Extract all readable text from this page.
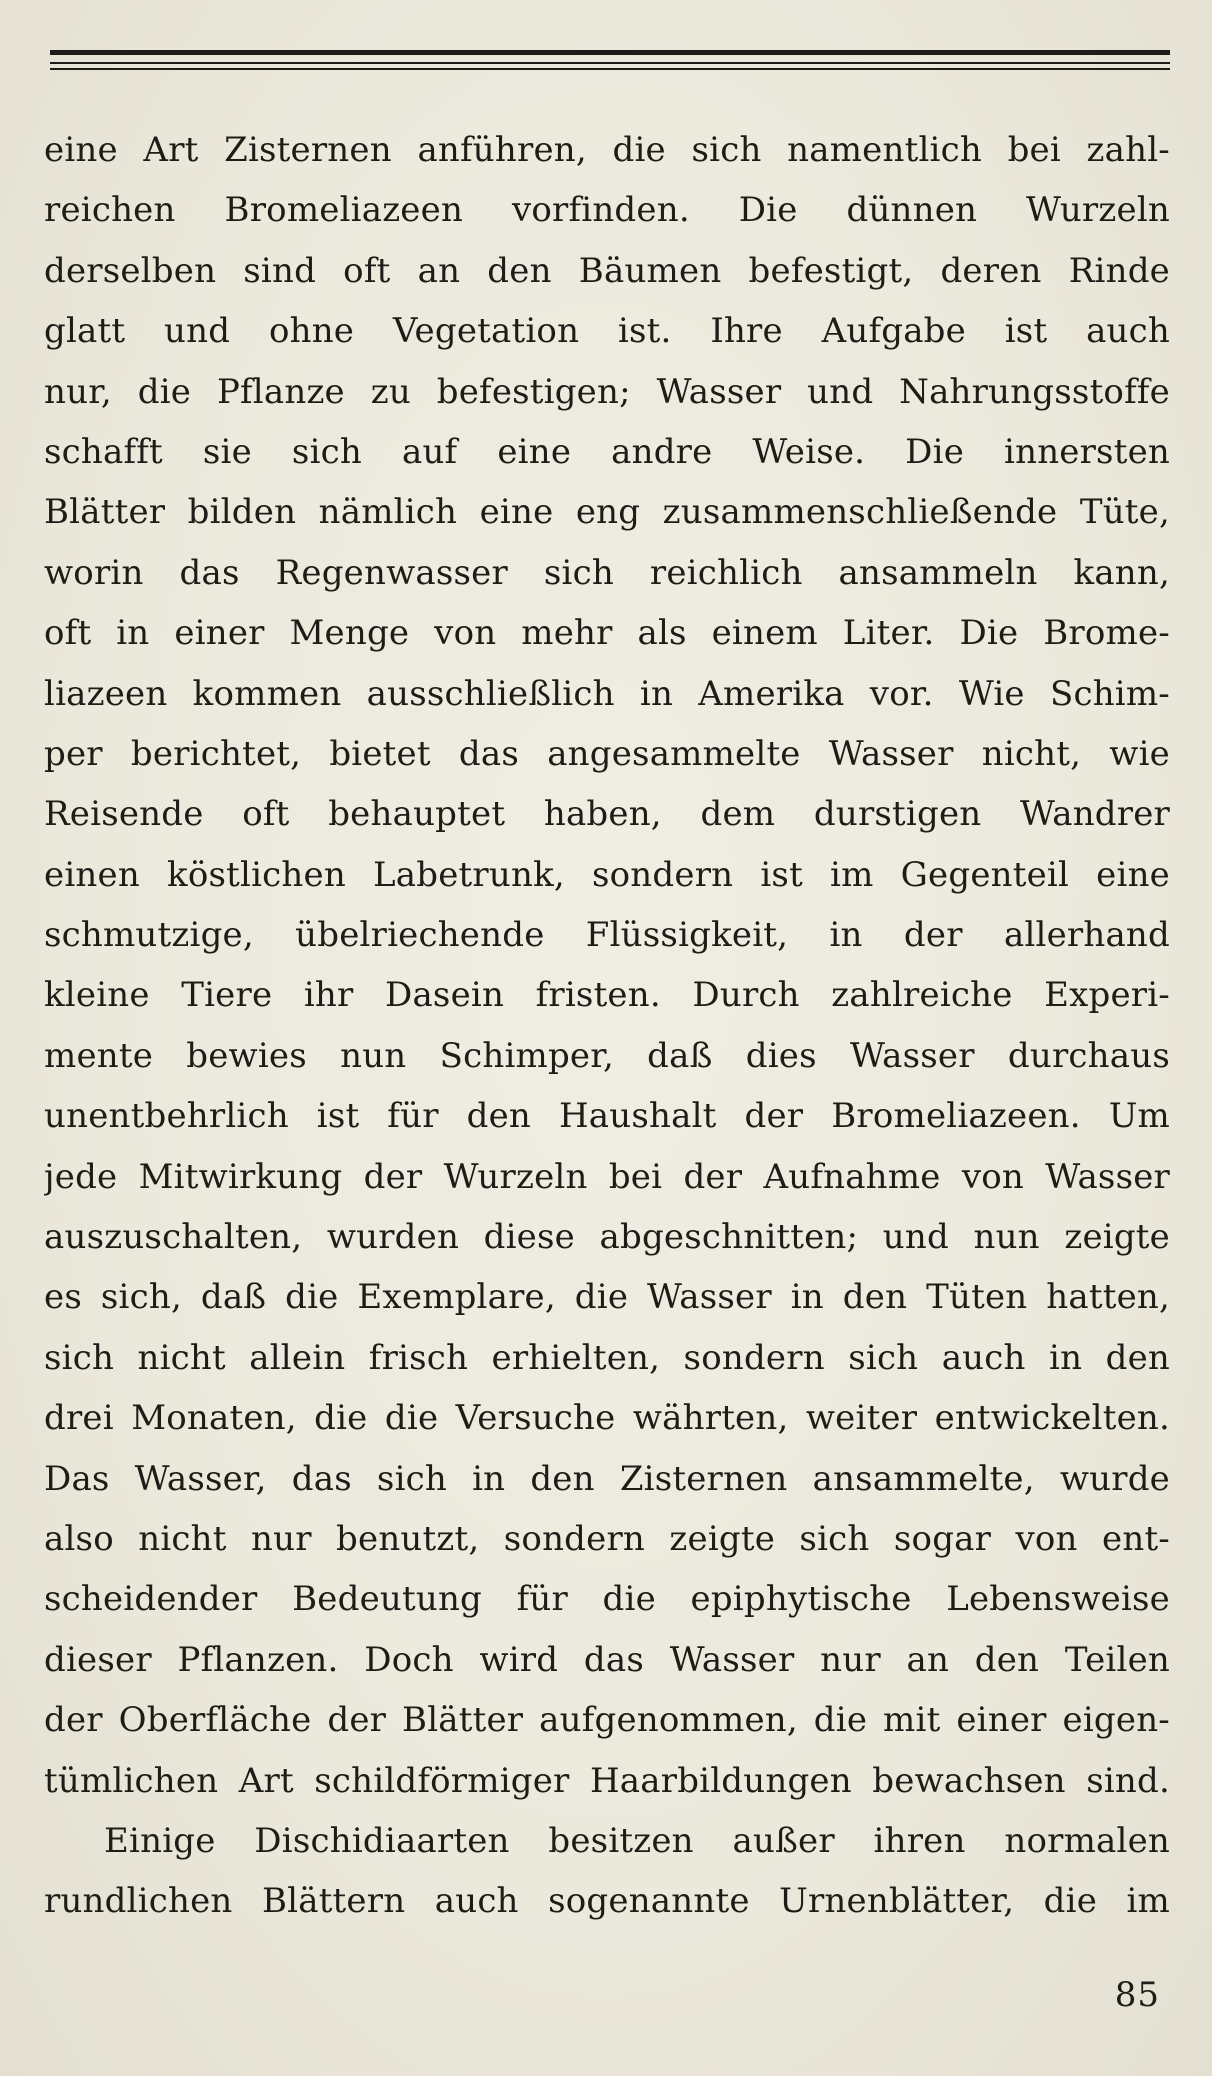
eine Art Zisternen anführen, die sich namentlich bei zahl-
reichen Bromeliazeen vorfinden. Die dünnen Wurzeln
derselben sind oft an den Bäumen befestigt, deren Rinde
glatt und ohne Vegetation ist. Ihre Aufgabe ist auch
nur, die Pflanze zu befestigen; Wasser und Nahrungsstoffe
schafft sie sich auf eine andre Weise. Die innersten
Blätter bilden nämlich eine eng zusammenschließende Tüte,
worin das Regenwasser sich reichlich ansammeln kann,
oft in einer Menge von mehr als einem Liter. Die Brome-
liazeen kommen ausschließlich in Amerika vor. Wie Schim-
per berichtet, bietet das angesammelte Wasser nicht, wie
Reisende oft behauptet haben, dem durstigen Wandrer
einen köstlichen Labetrunk, sondern ist im Gegenteil eine
schmutzige, übelriechende Flüssigkeit, in der allerhand
kleine Tiere ihr Dasein fristen. Durch zahlreiche Experi-
mente bewies nun Schimper, daß dies Wasser durchaus
unentbehrlich ist für den Haushalt der Bromeliazeen. Um
jede Mitwirkung der Wurzeln bei der Aufnahme von Wasser
auszuschalten, wurden diese abgeschnitten; und nun zeigte
es sich, daß die Exemplare, die Wasser in den Tüten hatten,
sich nicht allein frisch erhielten, sondern sich auch in den
drei Monaten, die die Versuche währten, weiter entwickelten.
Das Wasser, das sich in den Zisternen ansammelte, wurde
also nicht nur benutzt, sondern zeigte sich sogar von ent-
scheidender Bedeutung für die epiphytische Lebensweise
dieser Pflanzen. Doch wird das Wasser nur an den Teilen
der Oberfläche der Blätter aufgenommen, die mit einer eigen-
tümlichen Art schildförmiger Haarbildungen bewachsen sind.
Einige Dischidiaarten besitzen außer ihren normalen
rundlichen Blättern auch sogenannte Urnenblätter, die im
85
